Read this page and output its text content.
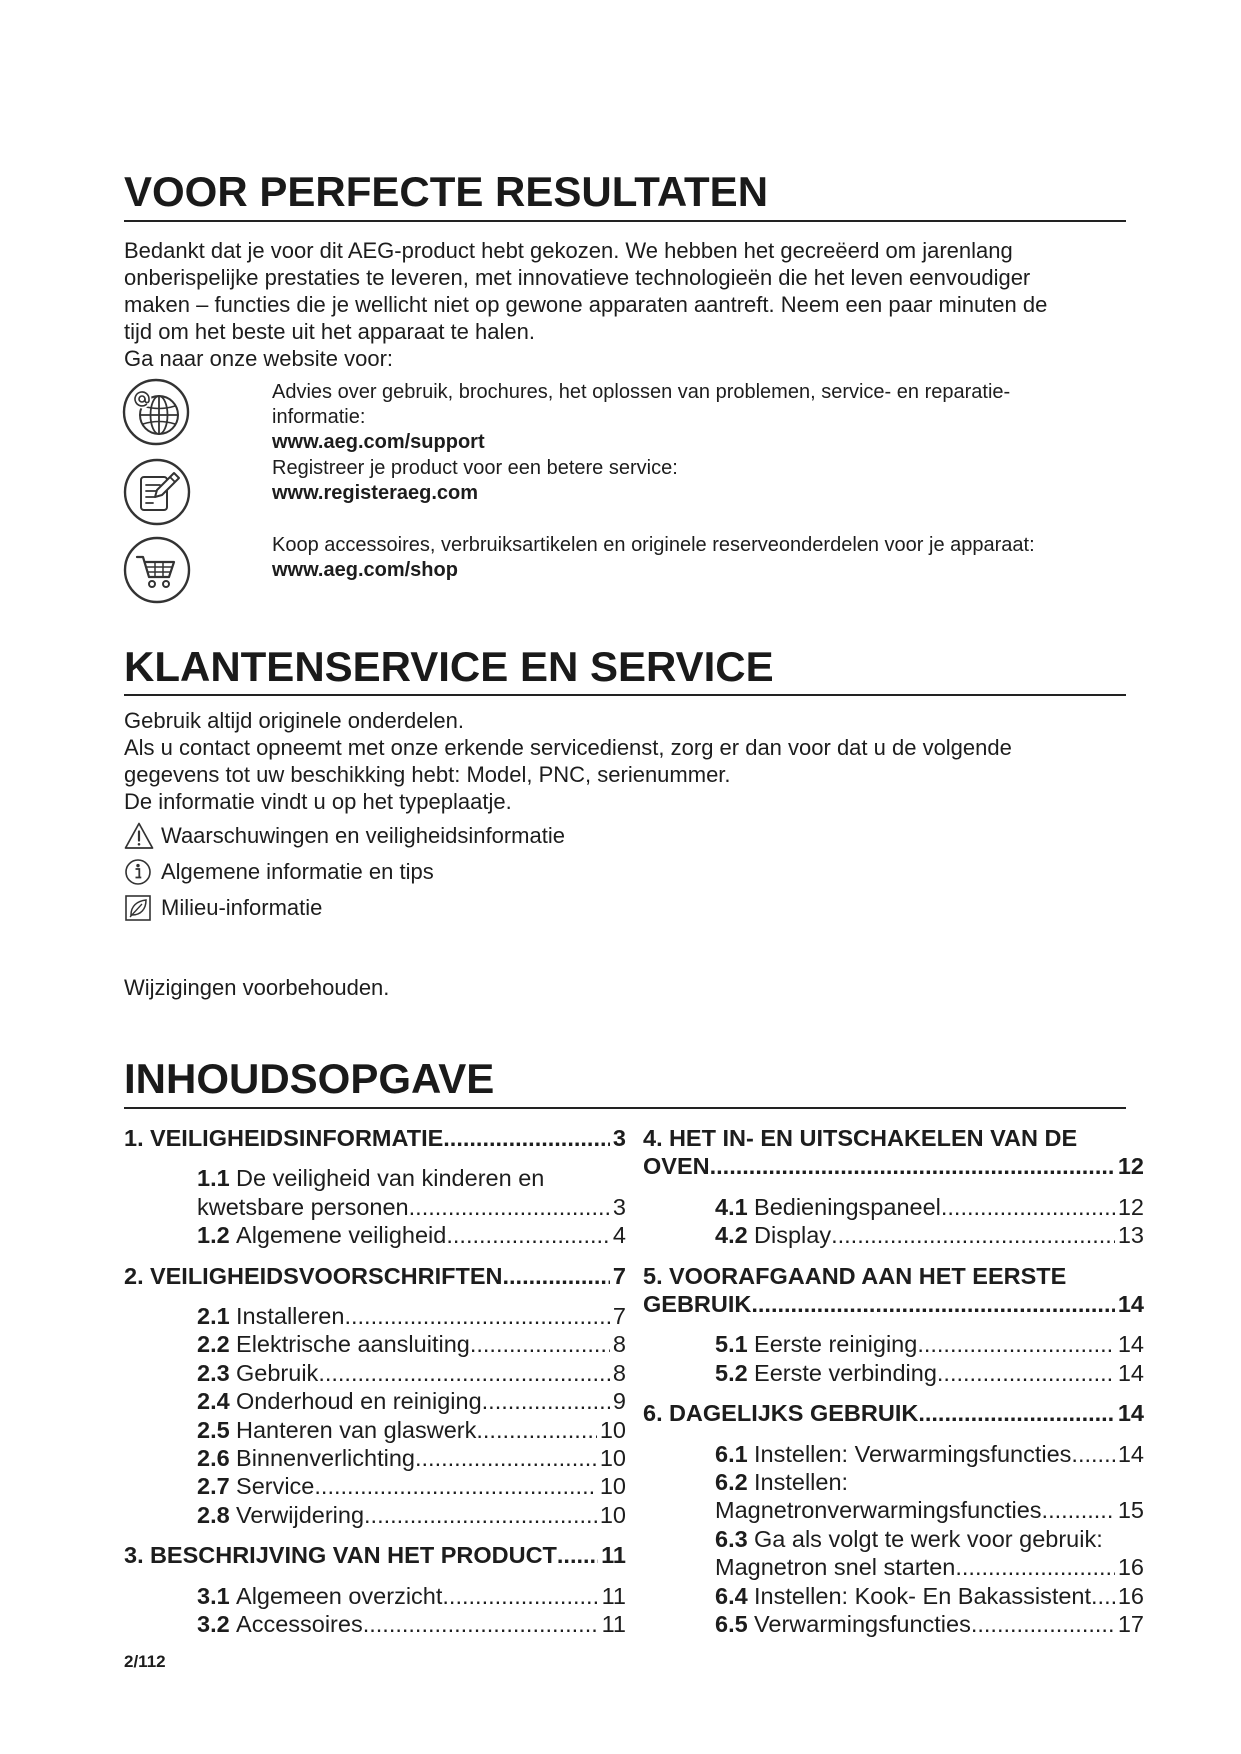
VOOR PERFECTE RESULTATEN
Bedankt dat je voor dit AEG-product hebt gekozen. We hebben het gecreëerd om jarenlang
onberispelijke prestaties te leveren, met innovatieve technologieën die het leven eenvoudiger
maken – functies die je wellicht niet op gewone apparaten aantreft. Neem een paar minuten de
tijd om het beste uit het apparaat te halen.
Ga naar onze website voor:
Advies over gebruik, brochures, het oplossen van problemen, service- en reparatie-
informatie:
www.aeg.com/support
Registreer je product voor een betere service:
www.registeraeg.com
Koop accessoires, verbruiksartikelen en originele reserveonderdelen voor je apparaat:
www.aeg.com/shop
KLANTENSERVICE EN SERVICE
Gebruik altijd originele onderdelen.
Als u contact opneemt met onze erkende servicedienst, zorg er dan voor dat u de volgende
gegevens tot uw beschikking hebt: Model, PNC, serienummer.
De informatie vindt u op het typeplaatje.
Waarschuwingen en veiligheidsinformatie
Algemene informatie en tips
Milieu-informatie
Wijzigingen voorbehouden.
INHOUDSOPGAVE
1. VEILIGHEIDSINFORMATIE .....	3
1.1 De veiligheid van kinderen en
kwetsbare personen .....	3
1.2 Algemene veiligheid .....	4
2. VEILIGHEIDSVOORSCHRIFTEN .....	7
2.1 Installeren .....	7
2.2 Elektrische aansluiting .....	8
2.3 Gebruik .....	8
2.4 Onderhoud en reiniging .....	9
2.5 Hanteren van glaswerk .....	10
2.6 Binnenverlichting .....	10
2.7 Service .....	10
2.8 Verwijdering .....	10
3. BESCHRIJVING VAN HET PRODUCT ..... 11
3.1 Algemeen overzicht .....	11
3.2 Accessoires .....	11
4. HET IN- EN UITSCHAKELEN VAN DE
OVEN .....	12
4.1 Bedieningspaneel .....	12
4.2 Display .....	13
5. VOORAFGAAND AAN HET EERSTE
GEBRUIK .....	14
5.1 Eerste reiniging .....	14
5.2 Eerste verbinding .....	14
6. DAGELIJKS GEBRUIK .....	14
6.1 Instellen: Verwarmingsfuncties ..... 14
6.2 Instellen:
Magnetronverwarmingsfuncties .....	15
6.3 Ga als volgt te werk voor gebruik:
Magnetron snel starten .....	16
6.4 Instellen: Kook- En Bakassistent ..... 16
6.5 Verwarmingsfuncties .....	17
2/112
